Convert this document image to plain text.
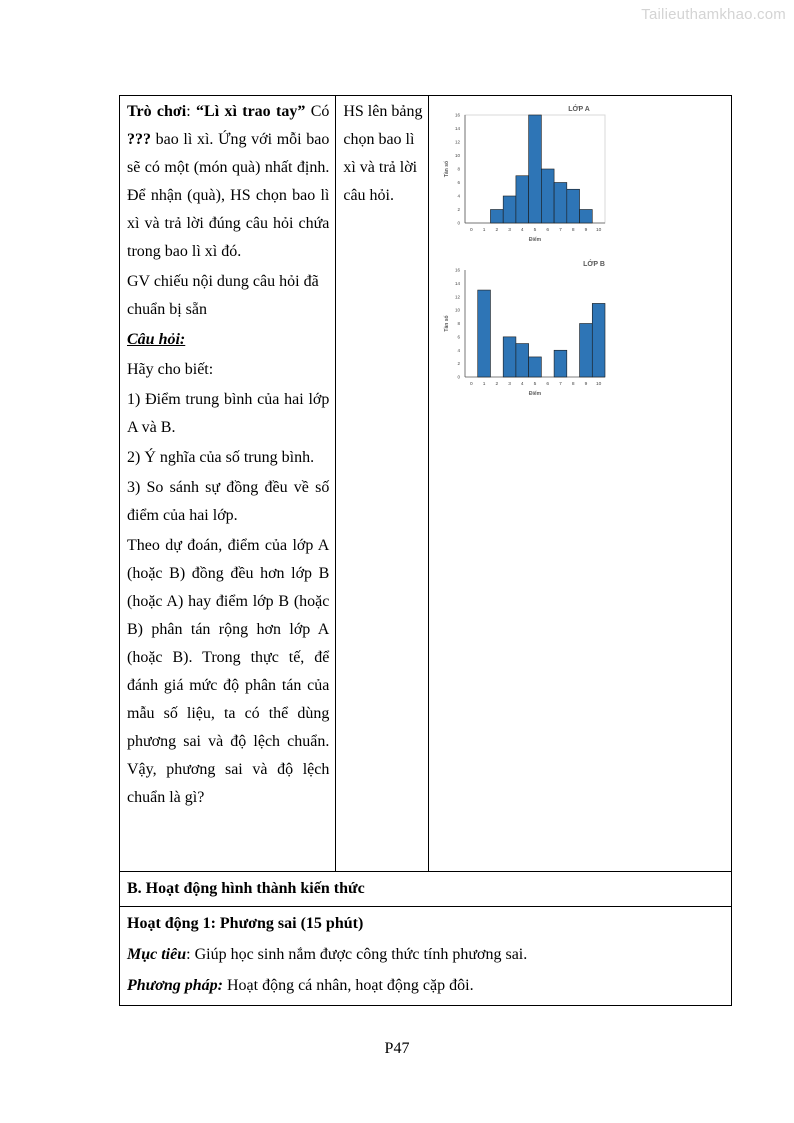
Tailieuthamkhao.com

Trò chơi: “Lì xì trao tay” Có ??? bao lì xì. Ứng với mỗi bao sẽ có một (món quà) nhất định. Để nhận (quà), HS chọn bao lì xì và trả lời đúng câu hỏi chứa trong bao lì xì đó.

GV chiếu nội dung câu hỏi đã chuẩn bị sẵn

Câu hỏi:

Hãy cho biết:

1) Điểm trung bình của hai lớp A và B.

2) Ý nghĩa của số trung bình.

3) So sánh sự đồng đều về số điểm của hai lớp.

Theo dự đoán, điểm của lớp A (hoặc B) đồng đều hơn lớp B (hoặc A) hay điểm lớp B (hoặc B) phân tán rộng hơn lớp A (hoặc B). Trong thực tế, để đánh giá mức độ phân tán của mẫu số liệu, ta có thể dùng phương sai và độ lệch chuẩn. Vậy, phương sai và độ lệch chuẩn là gì?

	HS lên bảng chọn bao lì xì và trả lời câu hỏi.	
0
2
4
6
8
10
12
14
16
0 1 2 3 4 5 6 7 8 9 10
LỚP A
Điểm
Tần số
0
2
4
6
8
10
12
14
16
0 1 2 3 4 5 6 7 8 9 10
LỚP B
Điểm
Tần số

B. Hoạt động hình thành kiến thức

Hoạt động 1: Phương sai (15 phút)
Mục tiêu: Giúp học sinh nắm được công thức tính phương sai.
Phương pháp: Hoạt động cá nhân, hoạt động cặp đôi.
P47
